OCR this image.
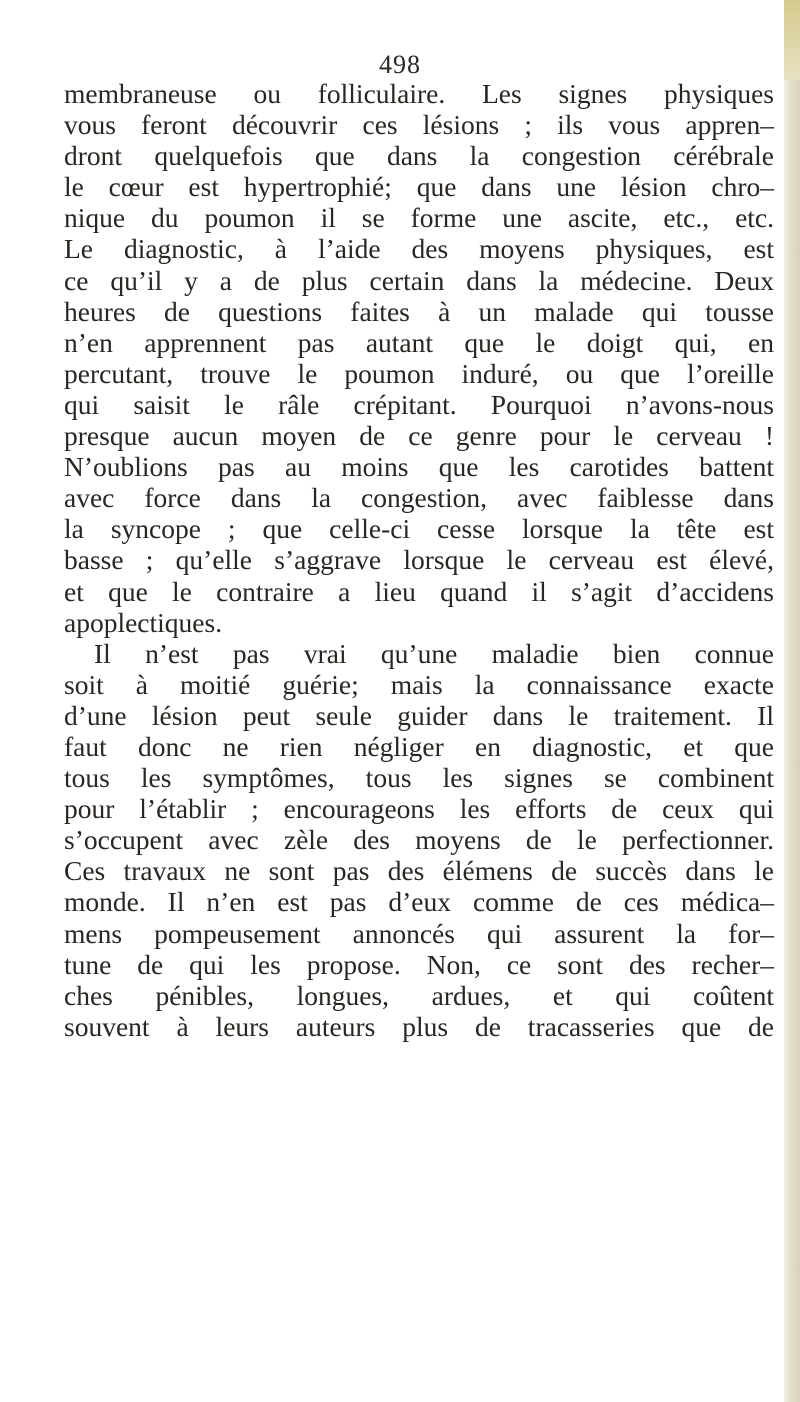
498
membraneuse ou folliculaire. Les signes physiques
vous feront découvrir ces lésions ; ils vous appren–
dront quelquefois que dans la congestion cérébrale
le cœur est hypertrophié; que dans une lésion chro–
nique du poumon il se forme une ascite, etc., etc.
Le diagnostic, à l’aide des moyens physiques, est
ce qu’il y a de plus certain dans la médecine. Deux
heures de questions faites à un malade qui tousse
n’en apprennent pas autant que le doigt qui, en
percutant, trouve le poumon induré, ou que l’oreille
qui saisit le râle crépitant. Pourquoi n’avons-nous
presque aucun moyen de ce genre pour le cerveau !
N’oublions pas au moins que les carotides battent
avec force dans la congestion, avec faiblesse dans
la syncope ; que celle-ci cesse lorsque la tête est
basse ; qu’elle s’aggrave lorsque le cerveau est élevé,
et que le contraire a lieu quand il s’agit d’accidens
apoplectiques.
Il n’est pas vrai qu’une maladie bien connue
soit à moitié guérie; mais la connaissance exacte
d’une lésion peut seule guider dans le traitement. Il
faut donc ne rien négliger en diagnostic, et que
tous les symptômes, tous les signes se combinent
pour l’établir ; encourageons les efforts de ceux qui
s’occupent avec zèle des moyens de le perfectionner.
Ces travaux ne sont pas des élémens de succès dans le
monde. Il n’en est pas d’eux comme de ces médica–
mens pompeusement annoncés qui assurent la for–
tune de qui les propose. Non, ce sont des recher–
ches pénibles, longues, ardues, et qui coûtent
souvent à leurs auteurs plus de tracasseries que de
